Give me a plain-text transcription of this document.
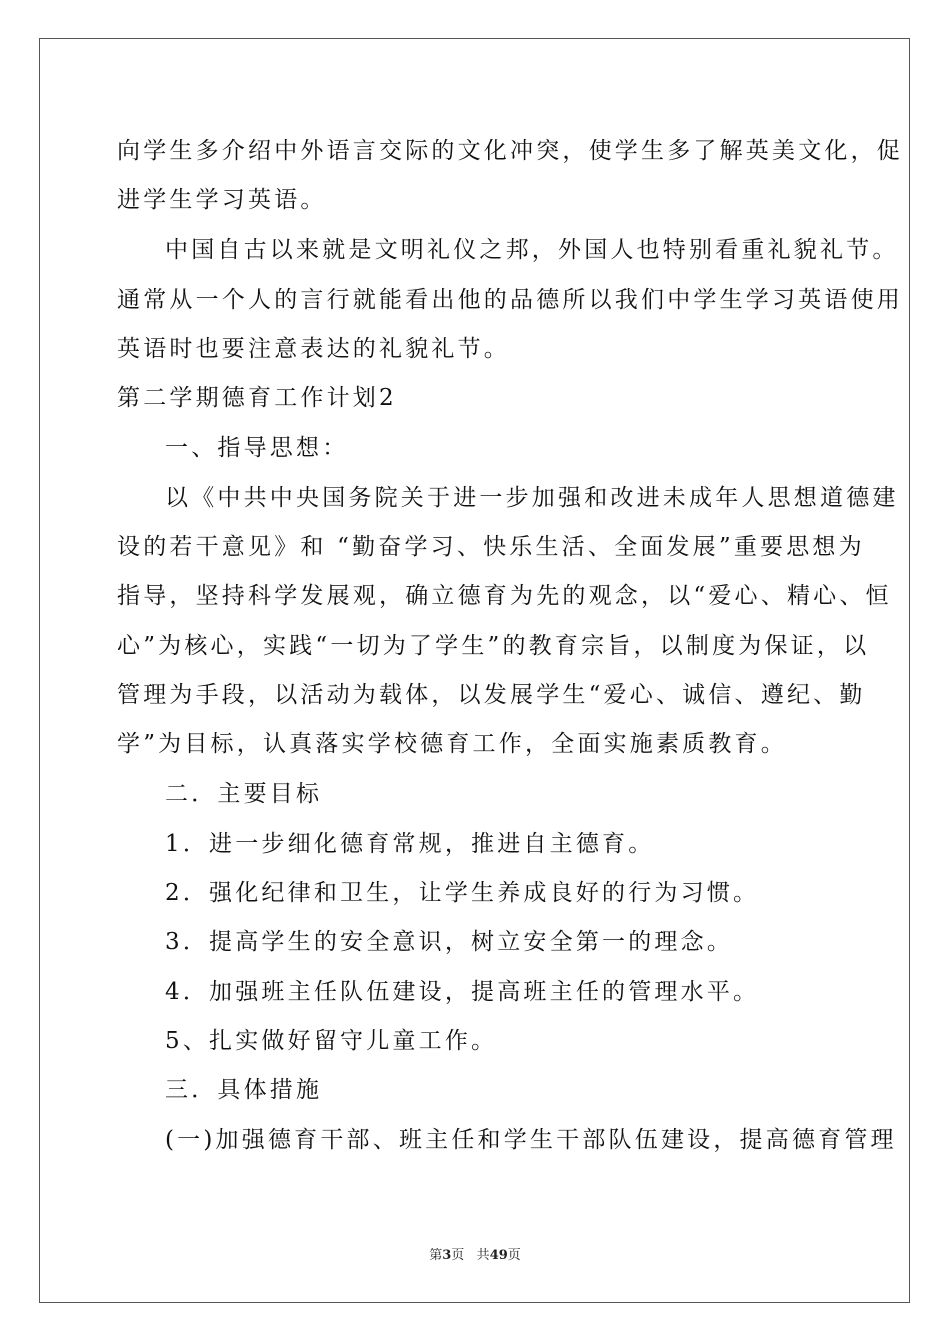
向学生多介绍中外语言交际的文化冲突，使学生多了解英美文化，促
进学生学习英语。
中国自古以来就是文明礼仪之邦，外国人也特别看重礼貌礼节。
通常从一个人的言行就能看出他的品德所以我们中学生学习英语使用
英语时也要注意表达的礼貌礼节。
第二学期德育工作计划2
一、指导思想：
以《中共中央国务院关于进一步加强和改进未成年人思想道德建
设的若干意见》和 “勤奋学习、快乐生活、全面发展”重要思想为
指导，坚持科学发展观，确立德育为先的观念，以“爱心、精心、恒
心”为核心，实践“一切为了学生”的教育宗旨，以制度为保证，以
管理为手段，以活动为载体，以发展学生“爱心、诚信、遵纪、勤
学”为目标，认真落实学校德育工作，全面实施素质教育。
二．主要目标
1．进一步细化德育常规，推进自主德育。
2．强化纪律和卫生，让学生养成良好的行为习惯。
3．提高学生的安全意识，树立安全第一的理念。
4．加强班主任队伍建设，提高班主任的管理水平。
5、扎实做好留守儿童工作。
三．具体措施
(一)加强德育干部、班主任和学生干部队伍建设，提高德育管理
第3页 共49页
